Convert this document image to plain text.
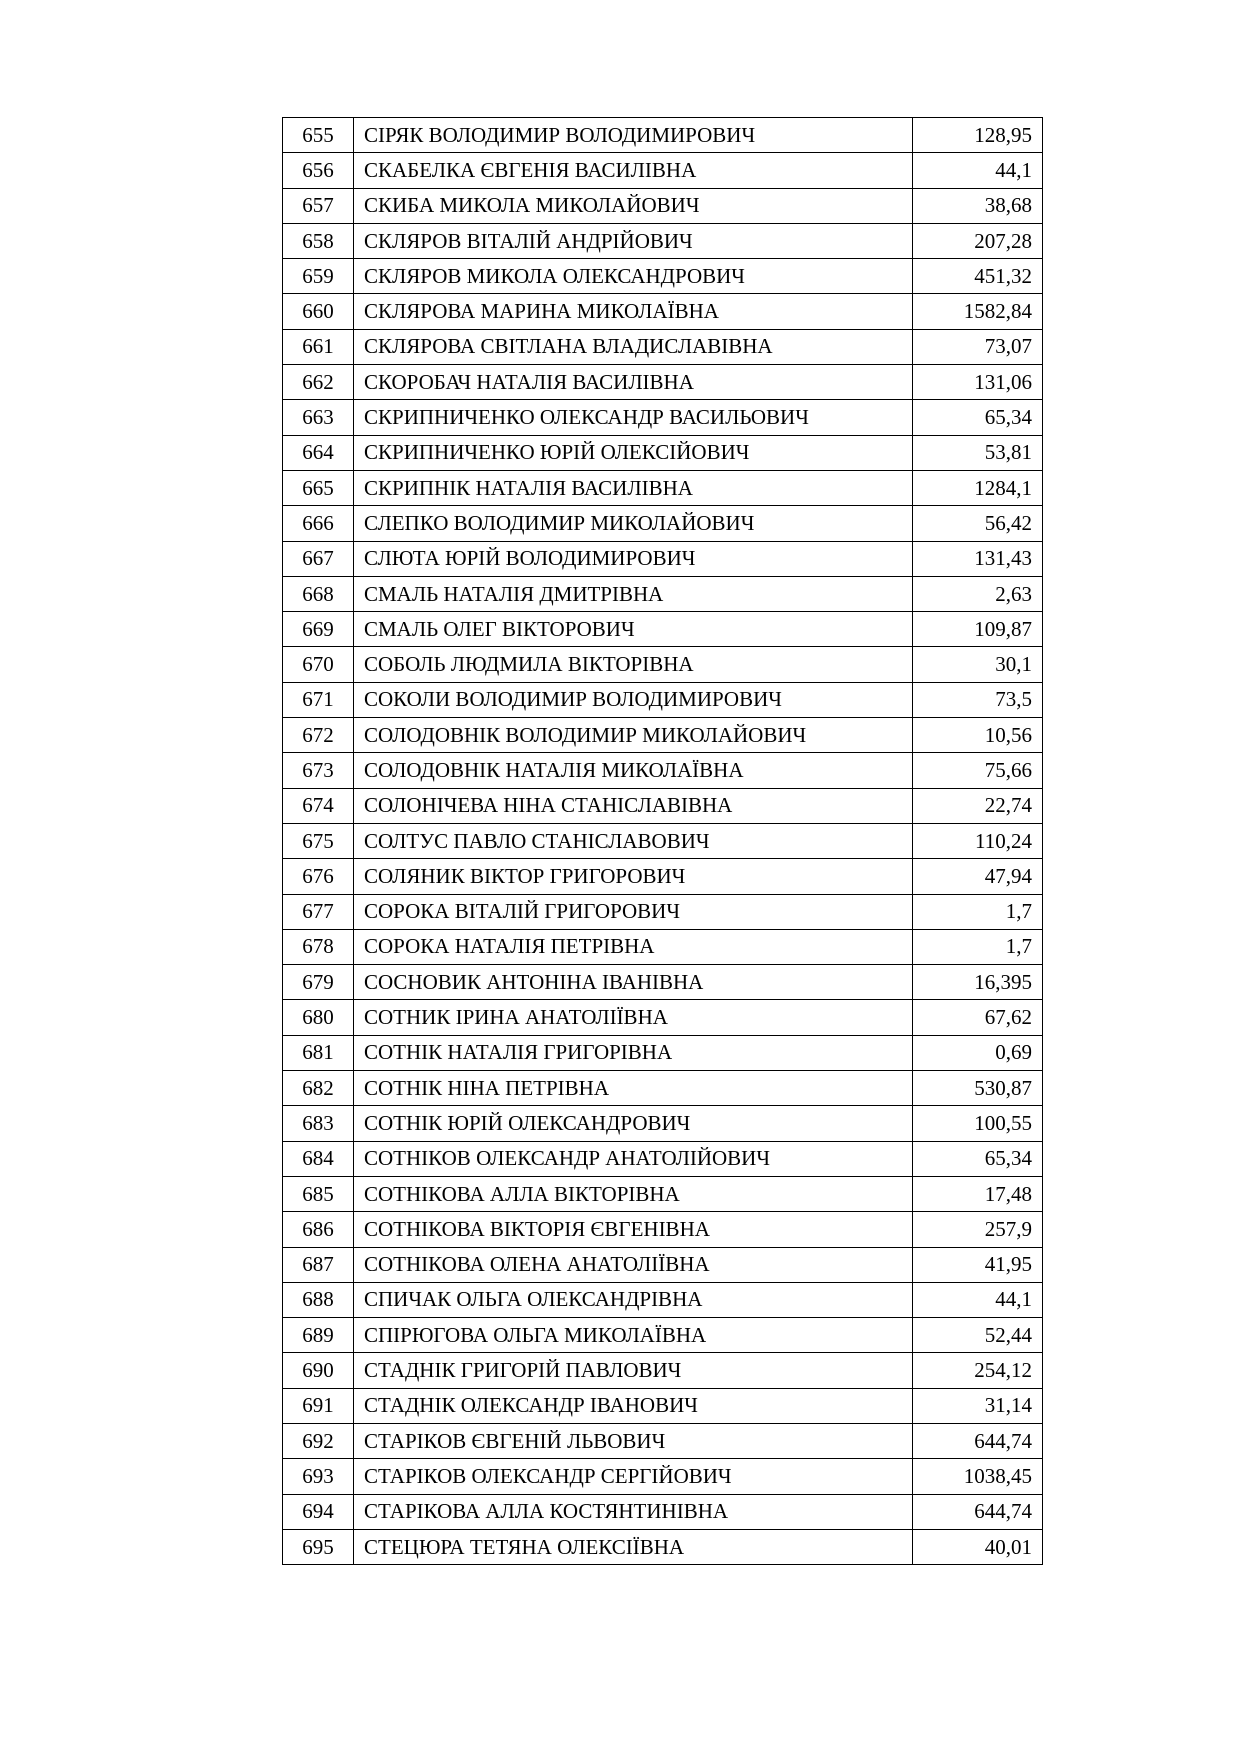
655	СІРЯК ВОЛОДИМИР ВОЛОДИМИРОВИЧ	128,95
656	СКАБЕЛКА ЄВГЕНІЯ ВАСИЛІВНА	44,1
657	СКИБА МИКОЛА МИКОЛАЙОВИЧ	38,68
658	СКЛЯРОВ ВІТАЛІЙ АНДРІЙОВИЧ	207,28
659	СКЛЯРОВ МИКОЛА ОЛЕКСАНДРОВИЧ	451,32
660	СКЛЯРОВА МАРИНА МИКОЛАЇВНА	1582,84
661	СКЛЯРОВА СВІТЛАНА ВЛАДИСЛАВІВНА	73,07
662	СКОРОБАЧ НАТАЛІЯ ВАСИЛІВНА	131,06
663	СКРИПНИЧЕНКО ОЛЕКСАНДР ВАСИЛЬОВИЧ	65,34
664	СКРИПНИЧЕНКО ЮРІЙ ОЛЕКСІЙОВИЧ	53,81
665	СКРИПНІК НАТАЛІЯ ВАСИЛІВНА	1284,1
666	СЛЕПКО ВОЛОДИМИР МИКОЛАЙОВИЧ	56,42
667	СЛЮТА ЮРІЙ ВОЛОДИМИРОВИЧ	131,43
668	СМАЛЬ НАТАЛІЯ ДМИТРІВНА	2,63
669	СМАЛЬ ОЛЕГ ВІКТОРОВИЧ	109,87
670	СОБОЛЬ ЛЮДМИЛА ВІКТОРІВНА	30,1
671	СОКОЛИ ВОЛОДИМИР ВОЛОДИМИРОВИЧ	73,5
672	СОЛОДОВНІК ВОЛОДИМИР МИКОЛАЙОВИЧ	10,56
673	СОЛОДОВНІК НАТАЛІЯ МИКОЛАЇВНА	75,66
674	СОЛОНІЧЕВА НІНА СТАНІСЛАВІВНА	22,74
675	СОЛТУС ПАВЛО СТАНІСЛАВОВИЧ	110,24
676	СОЛЯНИК ВІКТОР ГРИГОРОВИЧ	47,94
677	СОРОКА ВІТАЛІЙ ГРИГОРОВИЧ	1,7
678	СОРОКА НАТАЛІЯ ПЕТРІВНА	1,7
679	СОСНОВИК АНТОНІНА ІВАНІВНА	16,395
680	СОТНИК ІРИНА АНАТОЛІЇВНА	67,62
681	СОТНІК НАТАЛІЯ ГРИГОРІВНА	0,69
682	СОТНІК НІНА ПЕТРІВНА	530,87
683	СОТНІК ЮРІЙ ОЛЕКСАНДРОВИЧ	100,55
684	СОТНІКОВ ОЛЕКСАНДР АНАТОЛІЙОВИЧ	65,34
685	СОТНІКОВА АЛЛА ВІКТОРІВНА	17,48
686	СОТНІКОВА ВІКТОРІЯ ЄВГЕНІВНА	257,9
687	СОТНІКОВА ОЛЕНА АНАТОЛІЇВНА	41,95
688	СПИЧАК ОЛЬГА ОЛЕКСАНДРІВНА	44,1
689	СПІРЮГОВА ОЛЬГА МИКОЛАЇВНА	52,44
690	СТАДНІК ГРИГОРІЙ ПАВЛОВИЧ	254,12
691	СТАДНІК ОЛЕКСАНДР ІВАНОВИЧ	31,14
692	СТАРІКОВ ЄВГЕНІЙ ЛЬВОВИЧ	644,74
693	СТАРІКОВ ОЛЕКСАНДР СЕРГІЙОВИЧ	1038,45
694	СТАРІКОВА АЛЛА КОСТЯНТИНІВНА	644,74
695	СТЕЦЮРА ТЕТЯНА ОЛЕКСІЇВНА	40,01
